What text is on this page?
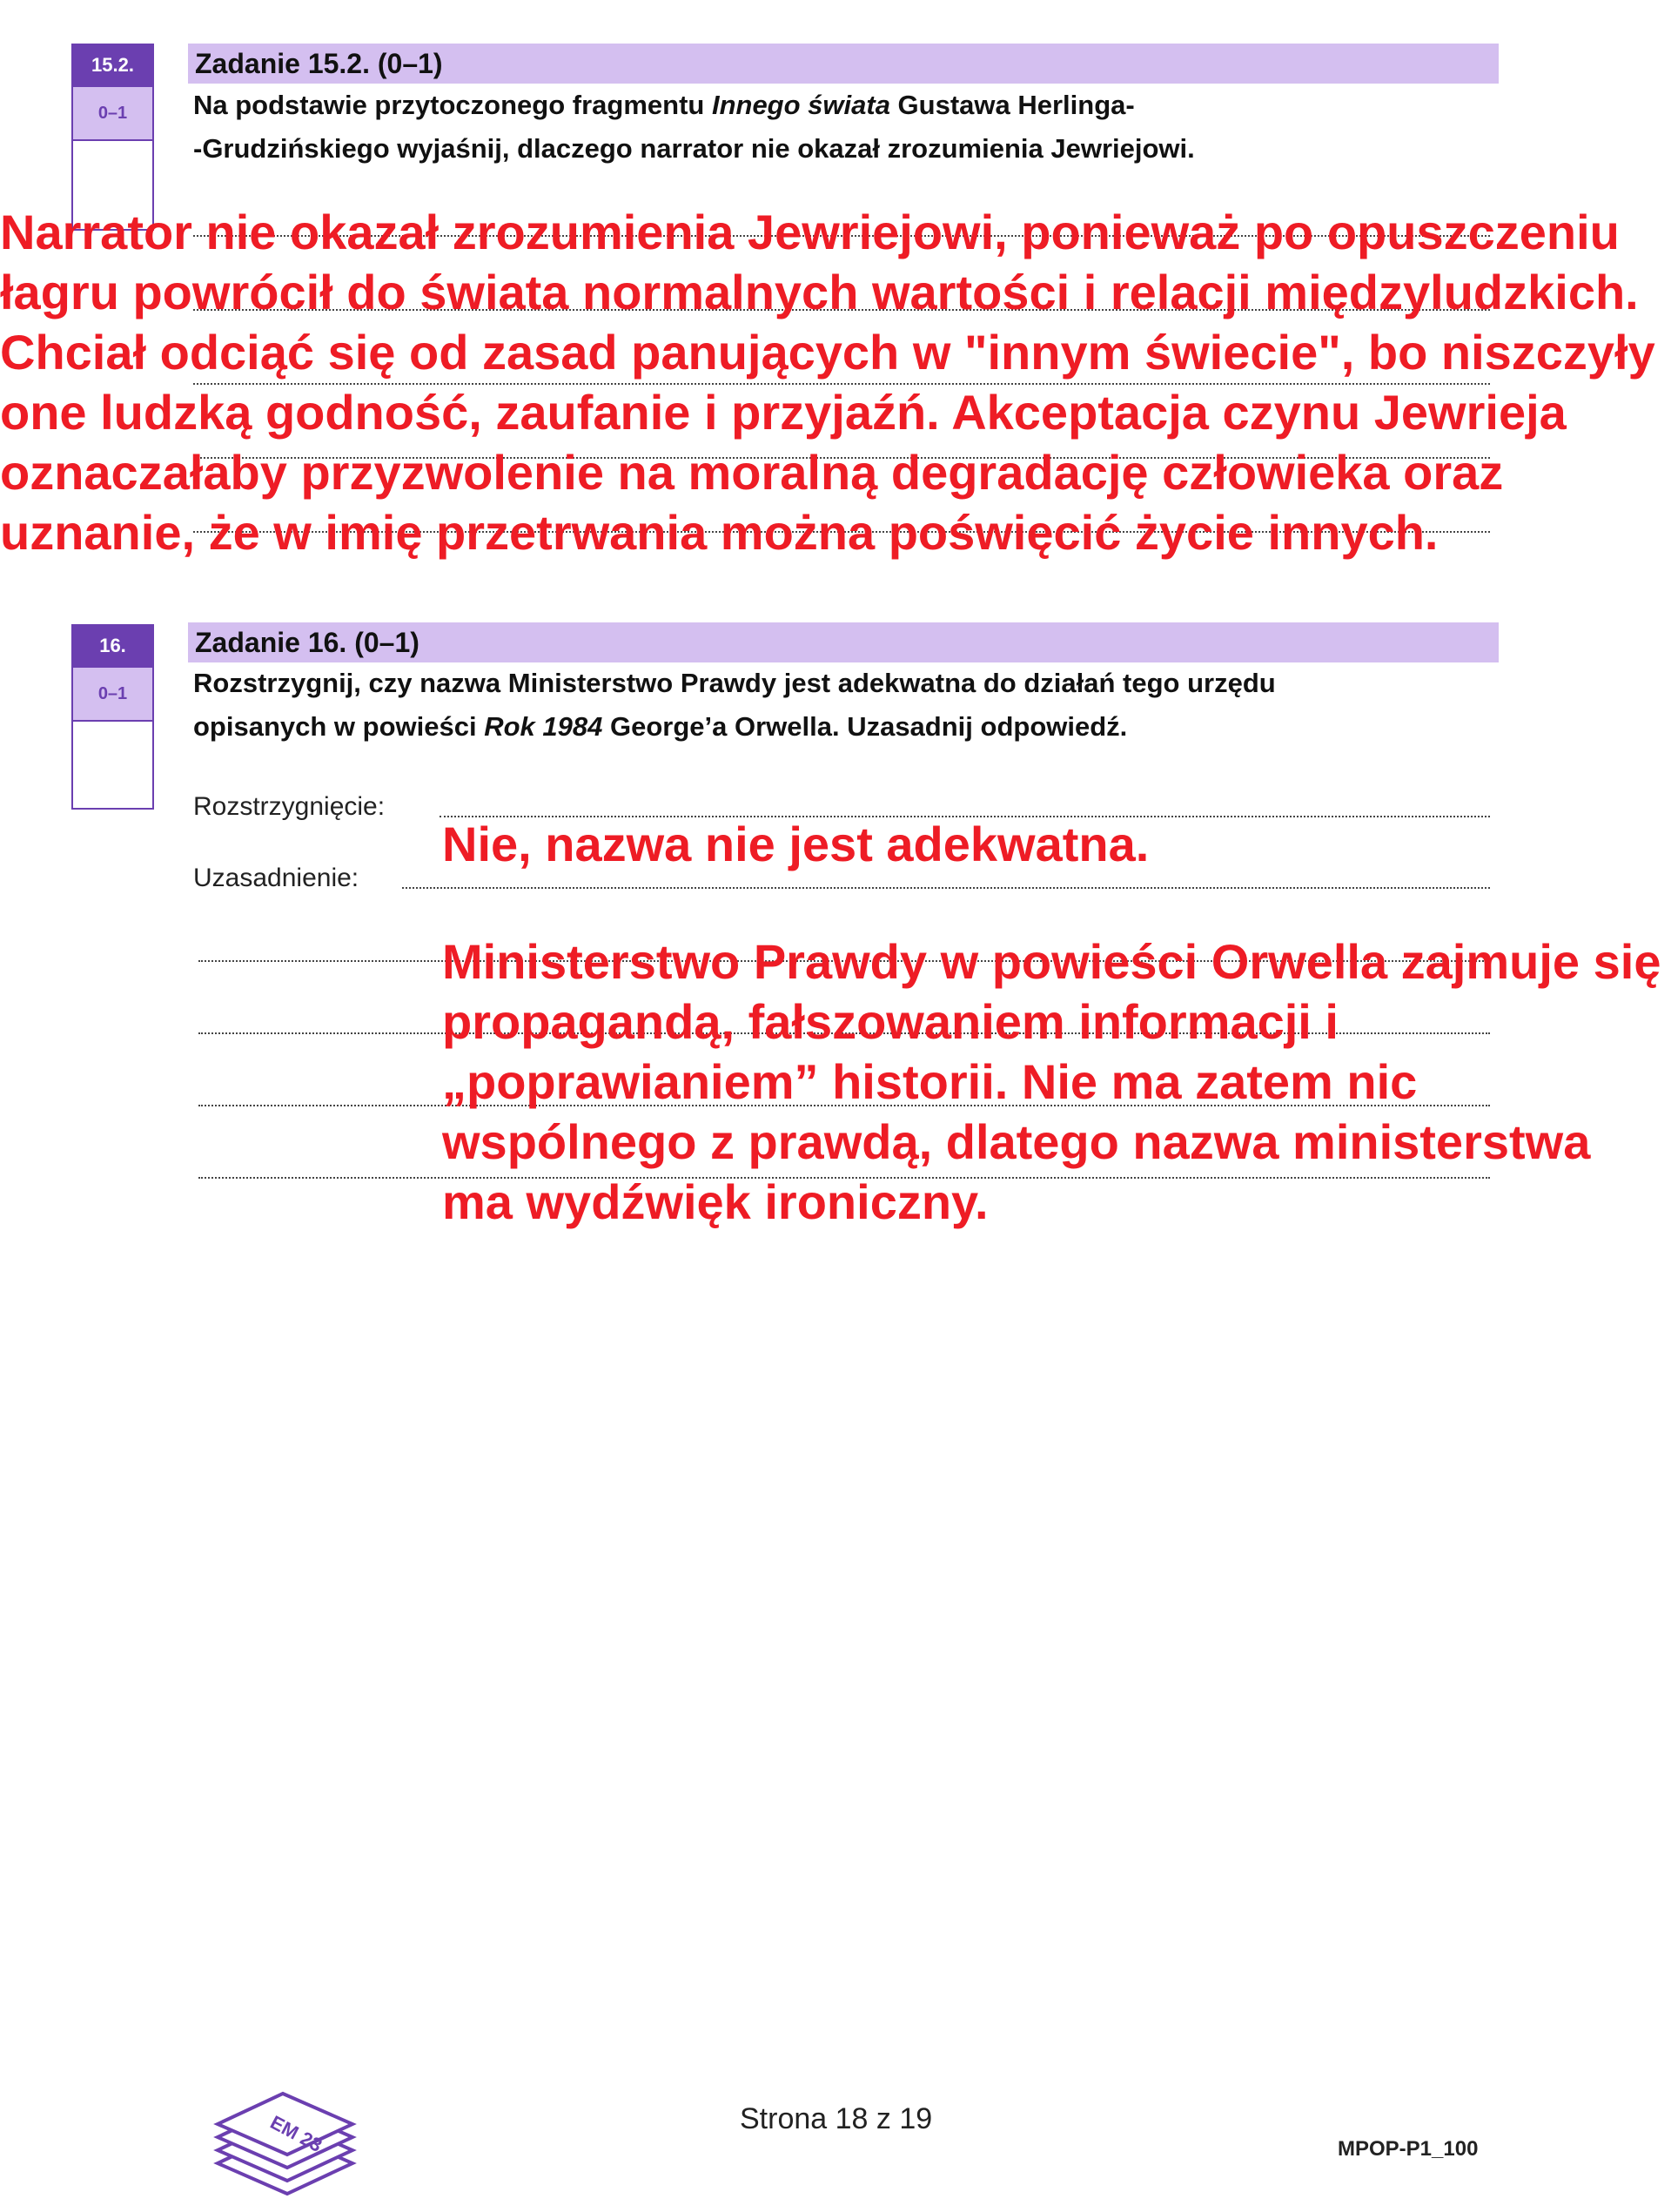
15.2.
0–1
Zadanie 15.2. (0–1)
Na podstawie przytoczonego fragmentu Innego świata Gustawa Herlinga-
-Grudzińskiego wyjaśnij, dlaczego narrator nie okazał zrozumienia Jewriejowi.
Narrator nie okazał zrozumienia Jewriejowi, ponieważ po opuszczeniu łagru powrócił do świata normalnych wartości i relacji międzyludzkich. Chciał odciąć się od zasad panujących w "innym świecie", bo niszczyły one ludzką godność, zaufanie i przyjaźń. Akceptacja czynu Jewrieja oznaczałaby przyzwolenie na moralną degradację człowieka oraz uznanie, że w imię przetrwania można poświęcić życie innych.
16.
0–1
Zadanie 16. (0–1)
Rozstrzygnij, czy nazwa Ministerstwo Prawdy jest adekwatna do działań tego urzędu
opisanych w powieści Rok 1984 George’a Orwella. Uzasadnij odpowiedź.
Rozstrzygnięcie:
Uzasadnienie:
Nie, nazwa nie jest adekwatna.
Ministerstwo Prawdy w powieści Orwella zajmuje się propagandą, fałszowaniem informacji i „poprawianiem” historii. Nie ma zatem nic wspólnego z prawdą, dlatego nazwa ministerstwa ma wydźwięk ironiczny.
EM 23	Strona 18 z 19
MPOP-P1_100
